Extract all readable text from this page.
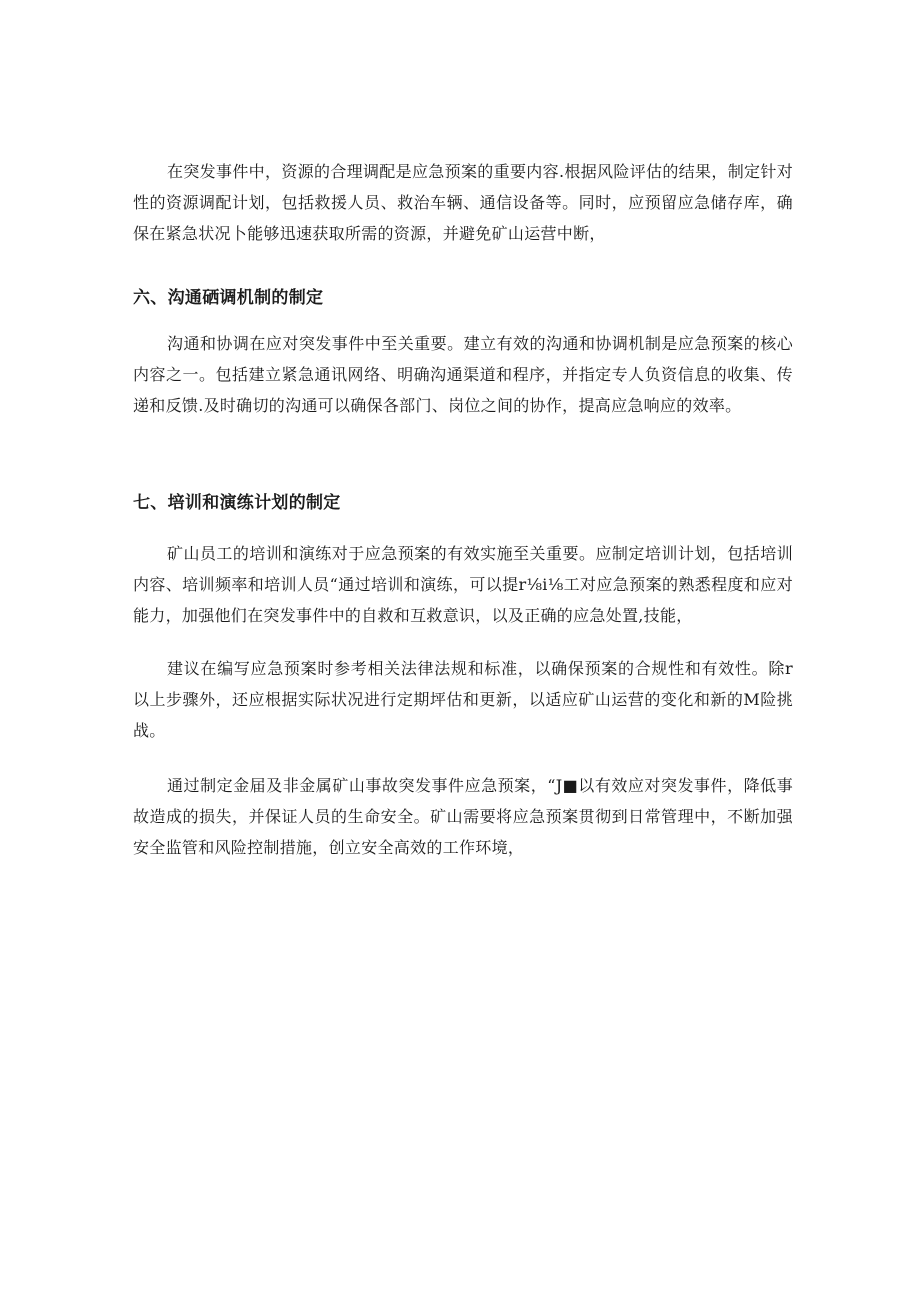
在突发事件中，资源的合理调配是应急预案的重要内容.根据风险评估的结果，制定针对性的资源调配计划，包括救援人员、救治车辆、通信设备等。同时，应预留应急储存库，确保在紧急状况卜能够迅速获取所需的资源，并避免矿山运营中断，

六、沟通硒调机制的制定

沟通和协调在应对突发事件中至关重要。建立有效的沟通和协调机制是应急预案的核心内容之一。包括建立紧急通讯网络、明确沟通渠道和程序，并指定专人负资信息的收集、传递和反馈.及时确切的沟通可以确保各部门、岗位之间的协作，提高应急响应的效率。

七、培训和演练计划的制定

矿山员工的培训和演练对于应急预案的有效实施至关重要。应制定培训计划，包括培训内容、培训频率和培训人员“通过培训和演练，可以提r⅛i⅛工对应急预案的熟悉程度和应对能力，加强他们在突发事件中的自救和互救意识，以及正确的应急处置,技能，

建议在编写应急预案时参考相关法律法规和标准，以确保预案的合规性和有效性。除r以上步骤外，还应根据实际状况进行定期坪估和更新，以适应矿山运营的变化和新的M险挑战。

通过制定金届及非金属矿山事故突发事件应急预案，“J■以有效应对突发事件，降低事故造成的损失，并保证人员的生命安全。矿山需要将应急预案贯彻到日常管理中，不断加强安全监管和风险控制措施，创立安全高效的工作环境，
